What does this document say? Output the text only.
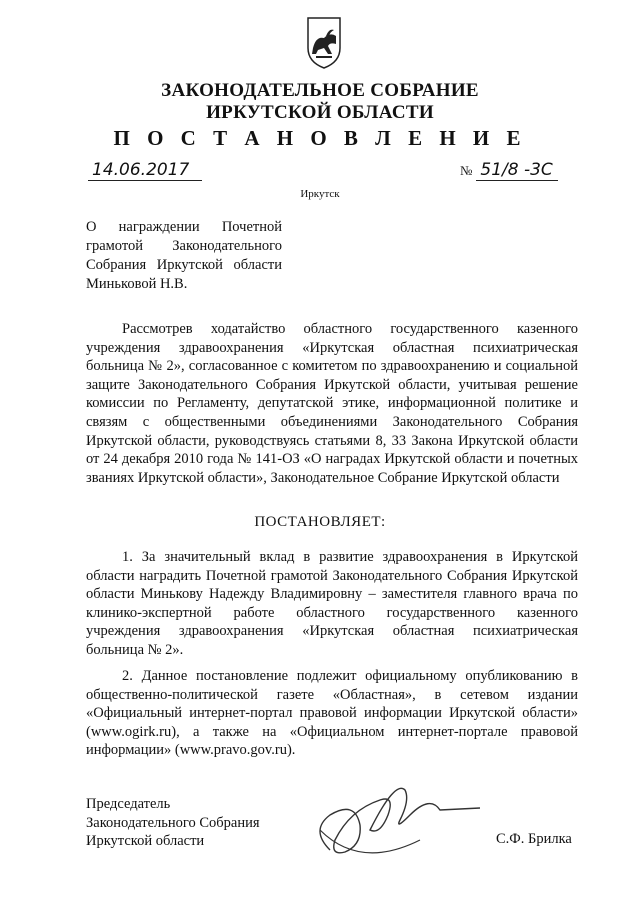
ЗАКОНОДАТЕЛЬНОЕ СОБРАНИЕ
ИРКУТСКОЙ ОБЛАСТИ
П О С Т А Н О В Л Е Н И Е
14.06.2017	№ 51/8 -3С
Иркутск
О награждении Почетной грамотой Законодательного Собрания Иркутской области Миньковой Н.В.

Рассмотрев ходатайство областного государственного казенного учреждения здравоохранения «Иркутская областная психиатрическая больница № 2», согласованное с комитетом по здравоохранению и социальной защите Законодательного Собрания Иркутской области, учитывая решение комиссии по Регламенту, депутатской этике, информационной политике и связям с общественными объединениями Законодательного Собрания Иркутской области, руководствуясь статьями 8, 33 Закона Иркутской области от 24 декабря 2010 года № 141-ОЗ «О наградах Иркутской области и почетных званиях Иркутской области», Законодательное Собрание Иркутской области

ПОСТАНОВЛЯЕТ:

1. За значительный вклад в развитие здравоохранения в Иркутской области наградить Почетной грамотой Законодательного Собрания Иркутской области Минькову Надежду Владимировну – заместителя главного врача по клинико-экспертной работе областного государственного казенного учреждения здравоохранения «Иркутская областная психиатрическая больница № 2».

2. Данное постановление подлежит официальному опубликованию в общественно-политической газете «Областная», в сетевом издании «Официальный интернет-портал правовой информации Иркутской области» (www.ogirk.ru), а также на «Официальном интернет-портале правовой информации» (www.pravo.gov.ru).

Председатель
Законодательного Собрания
Иркутской области	С.Ф. Брилка
